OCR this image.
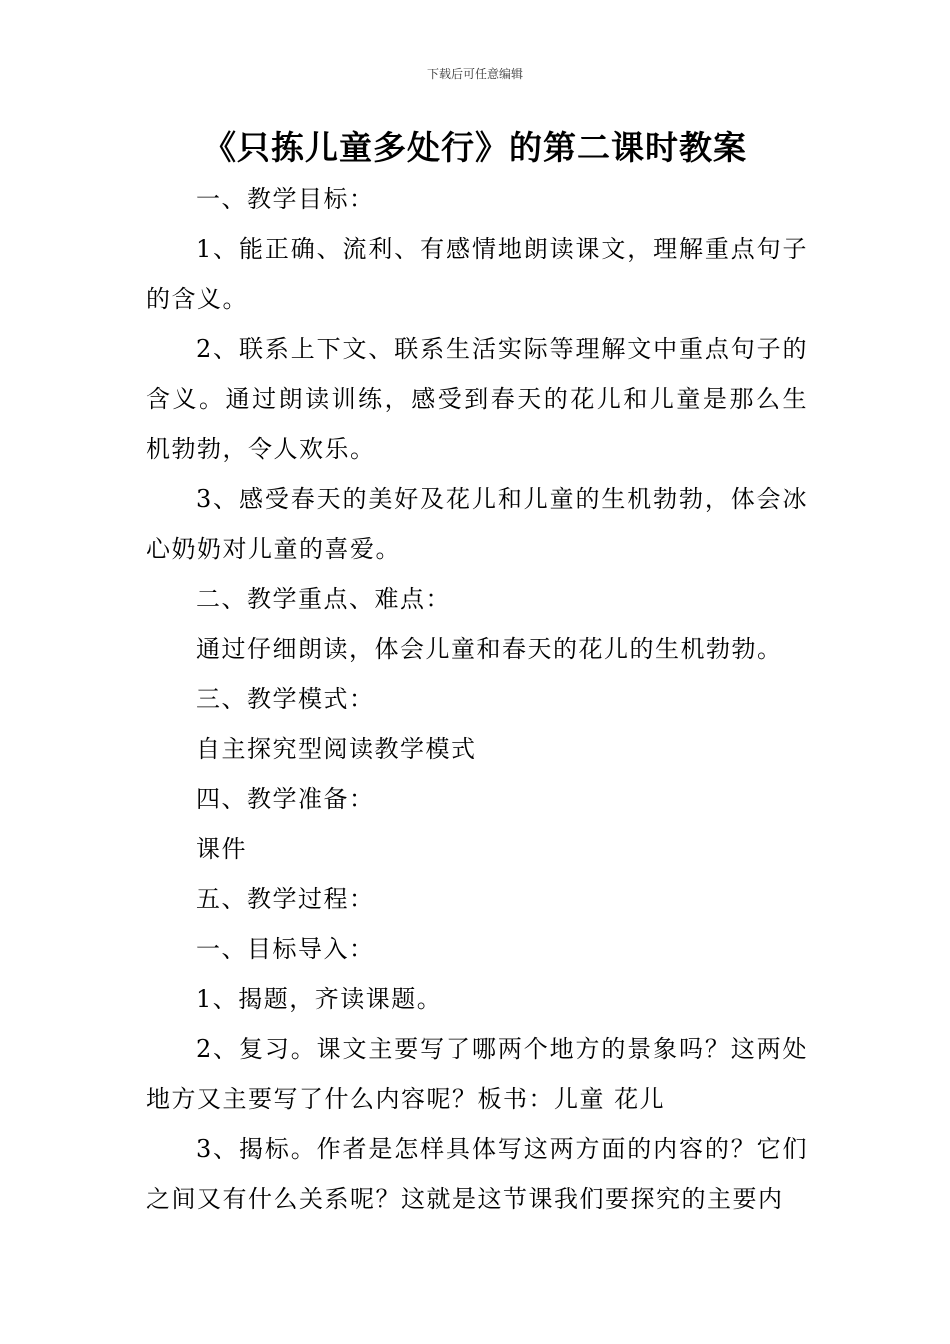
下载后可任意编辑
《只拣儿童多处行》的第二课时教案

一、教学目标：

1、能正确、流利、有感情地朗读课文，理解重点句子的含义。

2、联系上下文、联系生活实际等理解文中重点句子的含义。通过朗读训练，感受到春天的花儿和儿童是那么生机勃勃，令人欢乐。

3、感受春天的美好及花儿和儿童的生机勃勃，体会冰心奶奶对儿童的喜爱。

二、教学重点、难点：

通过仔细朗读，体会儿童和春天的花儿的生机勃勃。

三、教学模式：

自主探究型阅读教学模式

四、教学准备：

课件

五、教学过程：

一、目标导入：

1、揭题，齐读课题。

2、复习。课文主要写了哪两个地方的景象吗？这两处地方又主要写了什么内容呢？板书：儿童 花儿

3、揭标。作者是怎样具体写这两方面的内容的？它们之间又有什么关系呢？这就是这节课我们要探究的主要内
